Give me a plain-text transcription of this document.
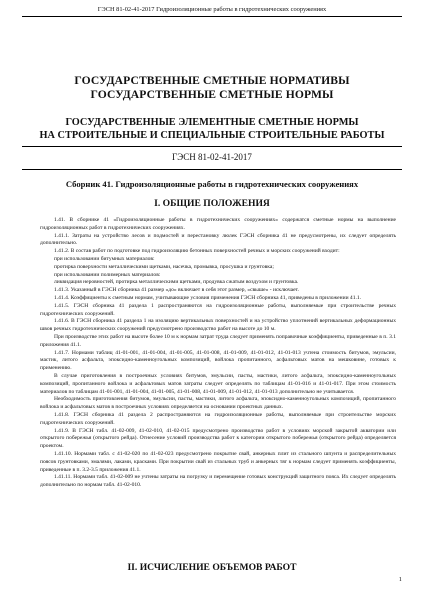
ГЭСН 81-02-41-2017 Гидроизоляционные работы в гидротехнических сооружениях
ГОСУДАРСТВЕННЫЕ СМЕТНЫЕ НОРМАТИВЫ
ГОСУДАРСТВЕННЫЕ СМЕТНЫЕ НОРМЫ
ГОСУДАРСТВЕННЫЕ ЭЛЕМЕНТНЫЕ СМЕТНЫЕ НОРМЫ
НА СТРОИТЕЛЬНЫЕ И СПЕЦИАЛЬНЫЕ СТРОИТЕЛЬНЫЕ РАБОТЫ
ГЭСН 81-02-41-2017
Сборник 41. Гидроизоляционные работы в гидротехнических сооружениях
I. ОБЩИЕ ПОЛОЖЕНИЯ

1.41. В сборнике 41 «Гидроизоляционные работы в гидротехнических сооружениях» содержатся сметные нормы на выполнение гидроизоляционных работ в гидротехнических сооружениях.

1.41.1. Затраты на устройство лесов и подмостей и перестановку люлек ГЭСН сборника 41 не предусмотрены, их следует определять дополнительно.

1.41.2. В состав работ по подготовке под гидроизоляцию бетонных поверхностей речных и морских сооружений входит:

при использовании битумных материалов:

протирка поверхности металлическими щетками, насечка, промывка, просушка и грунтовка;

при использовании полимерных материалов:

ликвидация неровностей, протирка металлическими щетками, продувка сжатым воздухом и грунтовка.

1.41.3. Указанный в ГЭСН сборника 41 размер «до» включает в себя этот размер, «свыше» - исключает.

1.41.4. Коэффициенты к сметным нормам, учитывающие условия применения ГЭСН сборника 41, приведены в приложении 41.1.

1.41.5. ГЭСН сборника 41 раздела 1 распространяются на гидроизоляционные работы, выполняемые при строительстве речных гидротехнических сооружений.

1.41.6. В ГЭСН сборника 41 раздела 1 на изоляцию вертикальных поверхностей и на устройство уплотнений вертикальных деформационных швов речных гидротехнических сооружений предусмотрено производство работ на высоте до 10 м.

При производстве этих работ на высоте более 10 м к нормам затрат труда следует применять поправочные коэффициенты, приведенные в п. 3.1 приложения 41.1.

1.41.7. Нормами таблиц 41-01-001, 41-01-004, 41-01-005, 41-01-008, 41-01-009, 41-01-012, 41-01-013 учтена стоимость битумов, эмульсии, мастик, литого асфальта, эпоксидно-каменноугольных композиций, войлока пропитанного, асфальтовых матов на мешковине, готовых к применению.

В случае приготовления в построечных условиях битумов, эмульсии, пасты, мастики, литого асфальта, эпоксидно-каменноугольных композиций, пропитанного войлока и асфальтовых матов затраты следует определять по таблицам 41-01-016 и 41-01-017. При этом стоимость материалов по таблицам 41-01-001, 41-01-004, 41-01-005, 41-01-008, 41-01-009, 41-01-012, 41-01-013 дополнительно не учитывается.

Необходимость приготовления битумов, эмульсии, пасты, мастики, литого асфальта, эпоксидно-каменноугольных композиций, пропитанного войлока и асфальтовых матов в построечных условиях определяется на основании проектных данных.

1.41.8. ГЭСН сборника 41 раздела 2 распространяются на гидроизоляционные работы, выполняемые при строительстве морских гидротехнических сооружений.

1.41.9. В ГЭСН табл. 41-02-009, 41-02-010, 41-02-015 предусмотрено производство работ в условиях морской закрытой акватории или открытого побережья (открытого рейда). Отнесение условий производства работ к категории открытого побережья (открытого рейда) определяется проектом.

1.41.10. Нормами табл. с 41-02-020 по 41-02-023 предусмотрено покрытие свай, анкерных плит из стального шпунта и распределительных поясов грунтовками, эмалями, лаками, красками. При покрытии свай из стальных труб и анкерных тяг к нормам следует применять коэффициенты, приведенные в п. 3.2-3.5 приложения 41.1.

1.41.11. Нормами табл. 41-02-009 не учтены затраты на погрузку и перемещение готовых конструкций защитного пояса. Их следует определять дополнительно по нормам табл. 41-02-010.

II. ИСЧИСЛЕНИЕ ОБЪЕМОВ РАБОТ
1
